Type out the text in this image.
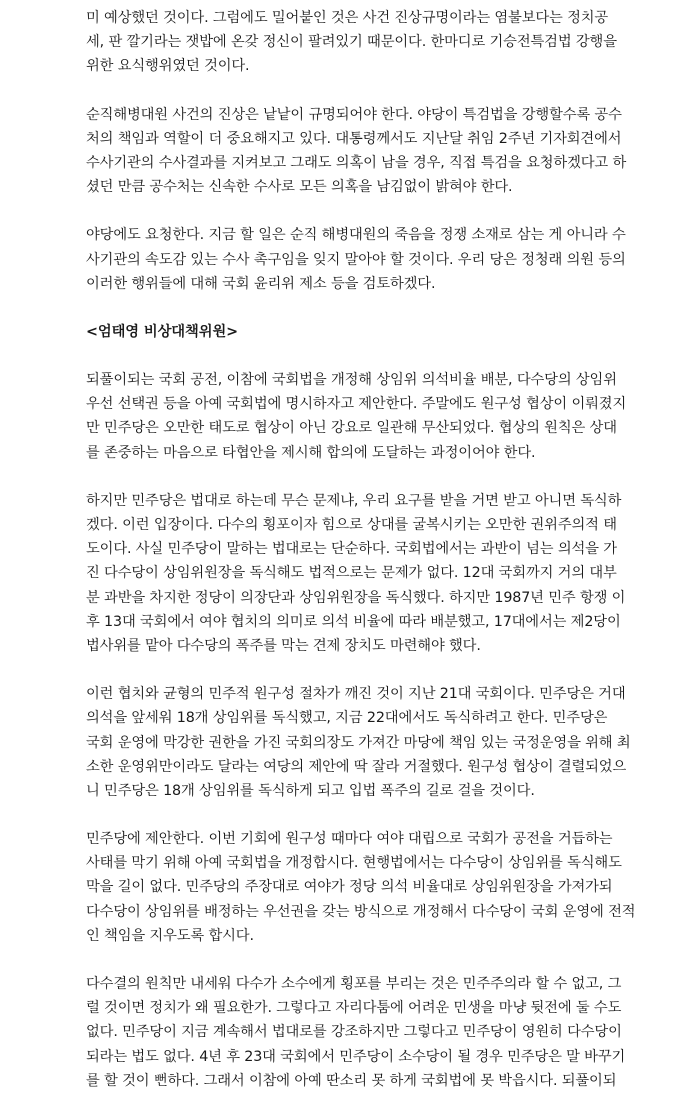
미 예상했던 것이다. 그럼에도 밀어붙인 것은 사건 진상규명이라는 염불보다는 정치공
세, 판 깔기라는 잿밥에 온갖 정신이 팔려있기 때문이다. 한마디로 기승전특검법 강행을
위한 요식행위였던 것이다.
순직해병대원 사건의 진상은 낱낱이 규명되어야 한다. 야당이 특검법을 강행할수록 공수
처의 책임과 역할이 더 중요해지고 있다. 대통령께서도 지난달 취임 2주년 기자회견에서
수사기관의 수사결과를 지켜보고 그래도 의혹이 남을 경우, 직접 특검을 요청하겠다고 하
셨던 만큼 공수처는 신속한 수사로 모든 의혹을 남김없이 밝혀야 한다.
야당에도 요청한다. 지금 할 일은 순직 해병대원의 죽음을 정쟁 소재로 삼는 게 아니라 수
사기관의 속도감 있는 수사 촉구임을 잊지 말아야 할 것이다. 우리 당은 정청래 의원 등의
이러한 행위들에 대해 국회 윤리위 제소 등을 검토하겠다.
<엄태영 비상대책위원>
되풀이되는 국회 공전, 이참에 국회법을 개정해 상임위 의석비율 배분, 다수당의 상임위
우선 선택권 등을 아예 국회법에 명시하자고 제안한다. 주말에도 원구성 협상이 이뤄졌지
만 민주당은 오만한 태도로 협상이 아닌 강요로 일관해 무산되었다. 협상의 원칙은 상대
를 존중하는 마음으로 타협안을 제시해 합의에 도달하는 과정이어야 한다.
하지만 민주당은 법대로 하는데 무슨 문제냐, 우리 요구를 받을 거면 받고 아니면 독식하
겠다. 이런 입장이다. 다수의 횡포이자 힘으로 상대를 굴복시키는 오만한 권위주의적 태
도이다. 사실 민주당이 말하는 법대로는 단순하다. 국회법에서는 과반이 넘는 의석을 가
진 다수당이 상임위원장을 독식해도 법적으로는 문제가 없다. 12대 국회까지 거의 대부
분 과반을 차지한 정당이 의장단과 상임위원장을 독식했다. 하지만 1987년 민주 항쟁 이
후 13대 국회에서 여야 협치의 의미로 의석 비율에 따라 배분했고, 17대에서는 제2당이
법사위를 맡아 다수당의 폭주를 막는 견제 장치도 마련해야 했다.
이런 협치와 균형의 민주적 원구성 절차가 깨진 것이 지난 21대 국회이다. 민주당은 거대
의석을 앞세워 18개 상임위를 독식했고, 지금 22대에서도 독식하려고 한다. 민주당은
국회 운영에 막강한 권한을 가진 국회의장도 가져간 마당에 책임 있는 국정운영을 위해 최
소한 운영위만이라도 달라는 여당의 제안에 딱 잘라 거절했다. 원구성 협상이 결렬되었으
니 민주당은 18개 상임위를 독식하게 되고 입법 폭주의 길로 걸을 것이다.
민주당에 제안한다. 이번 기회에 원구성 때마다 여야 대립으로 국회가 공전을 거듭하는
사태를 막기 위해 아예 국회법을 개정합시다. 현행법에서는 다수당이 상임위를 독식해도
막을 길이 없다. 민주당의 주장대로 여야가 정당 의석 비율대로 상임위원장을 가져가되
다수당이 상임위를 배정하는 우선권을 갖는 방식으로 개정해서 다수당이 국회 운영에 전적
인 책임을 지우도록 합시다.
다수결의 원칙만 내세워 다수가 소수에게 횡포를 부리는 것은 민주주의라 할 수 없고, 그
럴 것이면 정치가 왜 필요한가. 그렇다고 자리다툼에 어려운 민생을 마냥 뒷전에 둘 수도
없다. 민주당이 지금 계속해서 법대로를 강조하지만 그렇다고 민주당이 영원히 다수당이
되라는 법도 없다. 4년 후 23대 국회에서 민주당이 소수당이 될 경우 민주당은 말 바꾸기
를 할 것이 뻔하다. 그래서 이참에 아예 딴소리 못 하게 국회법에 못 박읍시다. 되풀이되
